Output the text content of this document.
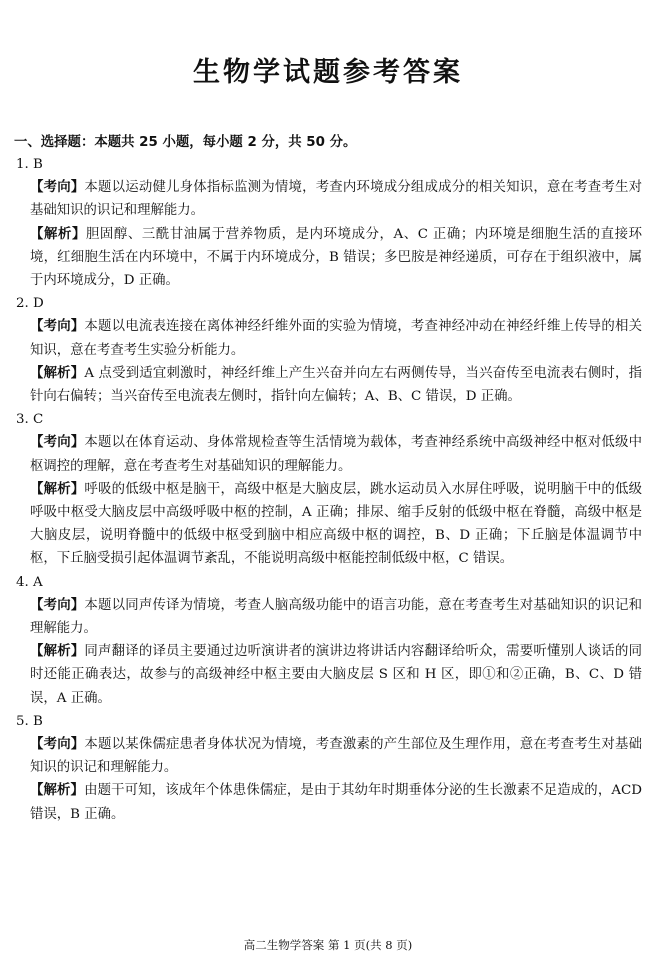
生物学试题参考答案
一、选择题：本题共 25 小题，每小题 2 分，共 50 分。

1. B

【考向】本题以运动健儿身体指标监测为情境，考查内环境成分组成成分的相关知识，意在考查考生对基础知识的识记和理解能力。

【解析】胆固醇、三酰甘油属于营养物质，是内环境成分，A、C 正确；内环境是细胞生活的直接环境，红细胞生活在内环境中，不属于内环境成分，B 错误；多巴胺是神经递质，可存在于组织液中，属于内环境成分，D 正确。

2. D

【考向】本题以电流表连接在离体神经纤维外面的实验为情境，考查神经冲动在神经纤维上传导的相关知识，意在考查考生实验分析能力。

【解析】A 点受到适宜刺激时，神经纤维上产生兴奋并向左右两侧传导，当兴奋传至电流表右侧时，指针向右偏转；当兴奋传至电流表左侧时，指针向左偏转；A、B、C 错误，D 正确。

3. C

【考向】本题以在体育运动、身体常规检查等生活情境为载体，考查神经系统中高级神经中枢对低级中枢调控的理解，意在考查考生对基础知识的理解能力。

【解析】呼吸的低级中枢是脑干，高级中枢是大脑皮层，跳水运动员入水屏住呼吸，说明脑干中的低级呼吸中枢受大脑皮层中高级呼吸中枢的控制，A 正确；排尿、缩手反射的低级中枢在脊髓，高级中枢是大脑皮层，说明脊髓中的低级中枢受到脑中相应高级中枢的调控，B、D 正确；下丘脑是体温调节中枢，下丘脑受损引起体温调节紊乱，不能说明高级中枢能控制低级中枢，C 错误。

4. A

【考向】本题以同声传译为情境，考查人脑高级功能中的语言功能，意在考查考生对基础知识的识记和理解能力。

【解析】同声翻译的译员主要通过边听演讲者的演讲边将讲话内容翻译给听众，需要听懂别人谈话的同时还能正确表达，故参与的高级神经中枢主要由大脑皮层 S 区和 H 区，即①和②正确，B、C、D 错误，A 正确。

5. B

【考向】本题以某侏儒症患者身体状况为情境，考查激素的产生部位及生理作用，意在考查考生对基础知识的识记和理解能力。

【解析】由题干可知，该成年个体患侏儒症，是由于其幼年时期垂体分泌的生长激素不足造成的，ACD 错误，B 正确。

高二生物学答案 第 1 页(共 8 页)
